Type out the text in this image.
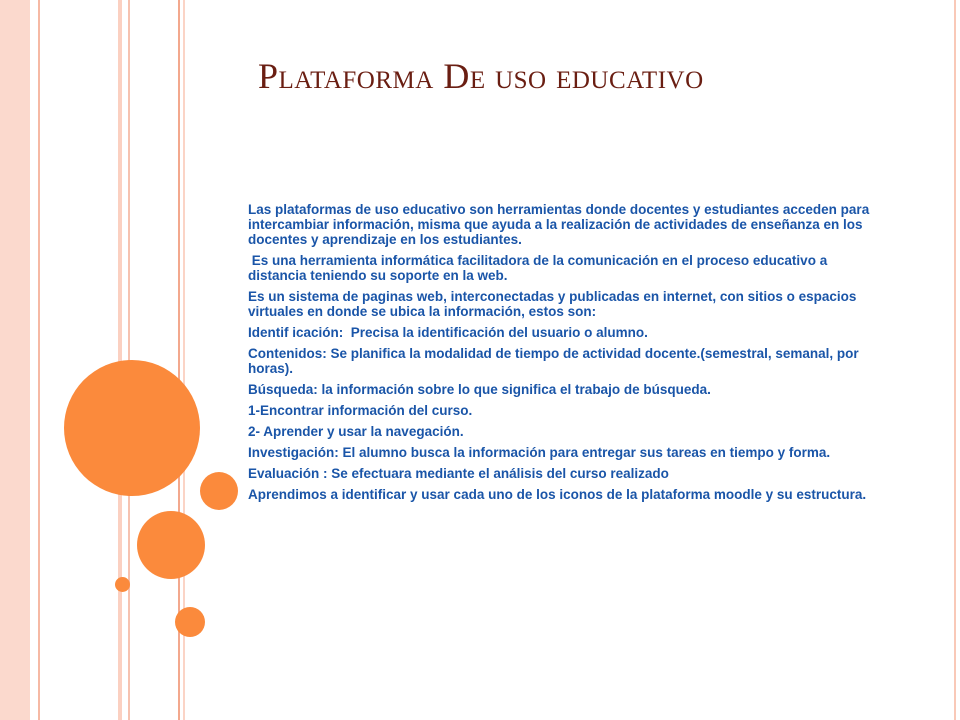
Plataforma De uso educativo

Las plataformas de uso educativo son herramientas donde docentes y estudiantes acceden para intercambiar información, misma que ayuda a la realización de actividades de enseñanza en los docentes y aprendizaje en los estudiantes.

Es una herramienta informática facilitadora de la comunicación en el proceso educativo a distancia teniendo su soporte en la web.

Es un sistema de paginas web, interconectadas y publicadas en internet, con sitios o espacios virtuales en donde se ubica la información, estos son:

Identif icación:  Precisa la identificación del usuario o alumno.

Contenidos: Se planifica la modalidad de tiempo de actividad docente.(semestral, semanal, por horas).

Búsqueda: la información sobre lo que significa el trabajo de búsqueda.

1-Encontrar información del curso.

2- Aprender y usar la navegación.

Investigación: El alumno busca la información para entregar sus tareas en tiempo y forma.

Evaluación : Se efectuara mediante el análisis del curso realizado

Aprendimos a identificar y usar cada uno de los iconos de la plataforma moodle y su estructura.
